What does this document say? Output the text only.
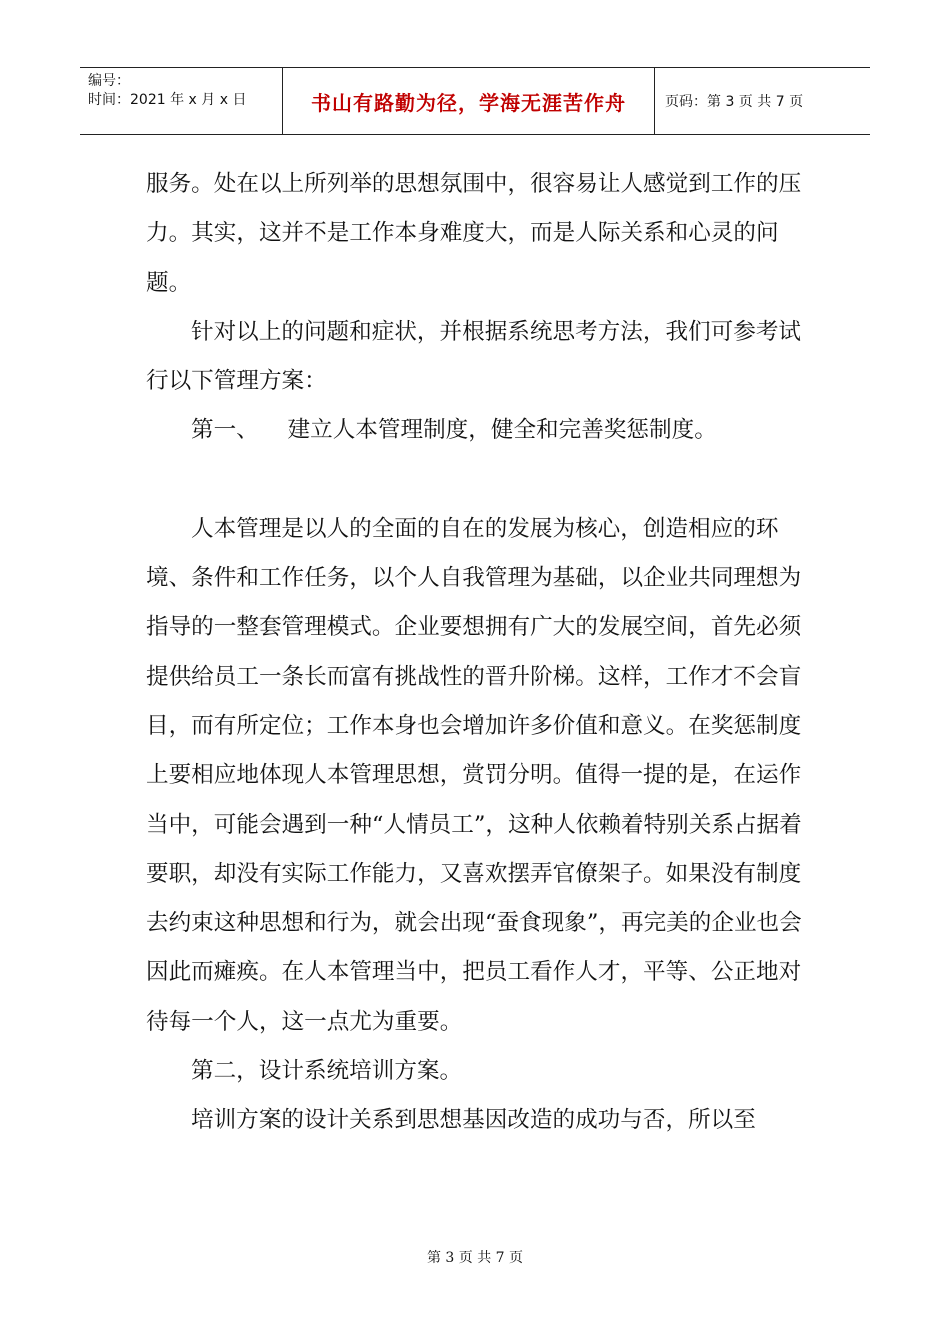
编号：
时间：2021 年 x 月 x 日	书山有路勤为径，学海无涯苦作舟	页码：第 3 页 共 7 页

服务。处在以上所列举的思想氛围中，很容易让人感觉到工作的压力。其实，这并不是工作本身难度大，而是人际关系和心灵的问题。

针对以上的问题和症状，并根据系统思考方法，我们可参考试行以下管理方案：

第一、    建立人本管理制度，健全和完善奖惩制度。

人本管理是以人的全面的自在的发展为核心，创造相应的环境、条件和工作任务，以个人自我管理为基础，以企业共同理想为指导的一整套管理模式。企业要想拥有广大的发展空间，首先必须提供给员工一条长而富有挑战性的晋升阶梯。这样，工作才不会盲目，而有所定位；工作本身也会增加许多价值和意义。在奖惩制度上要相应地体现人本管理思想，赏罚分明。值得一提的是，在运作当中，可能会遇到一种“人情员工”，这种人依赖着特别关系占据着要职，却没有实际工作能力，又喜欢摆弄官僚架子。如果没有制度去约束这种思想和行为，就会出现“蚕食现象”，再完美的企业也会因此而瘫痪。在人本管理当中，把员工看作人才，平等、公正地对待每一个人，这一点尤为重要。

第二，设计系统培训方案。

培训方案的设计关系到思想基因改造的成功与否，所以至

第 3 页 共 7 页
